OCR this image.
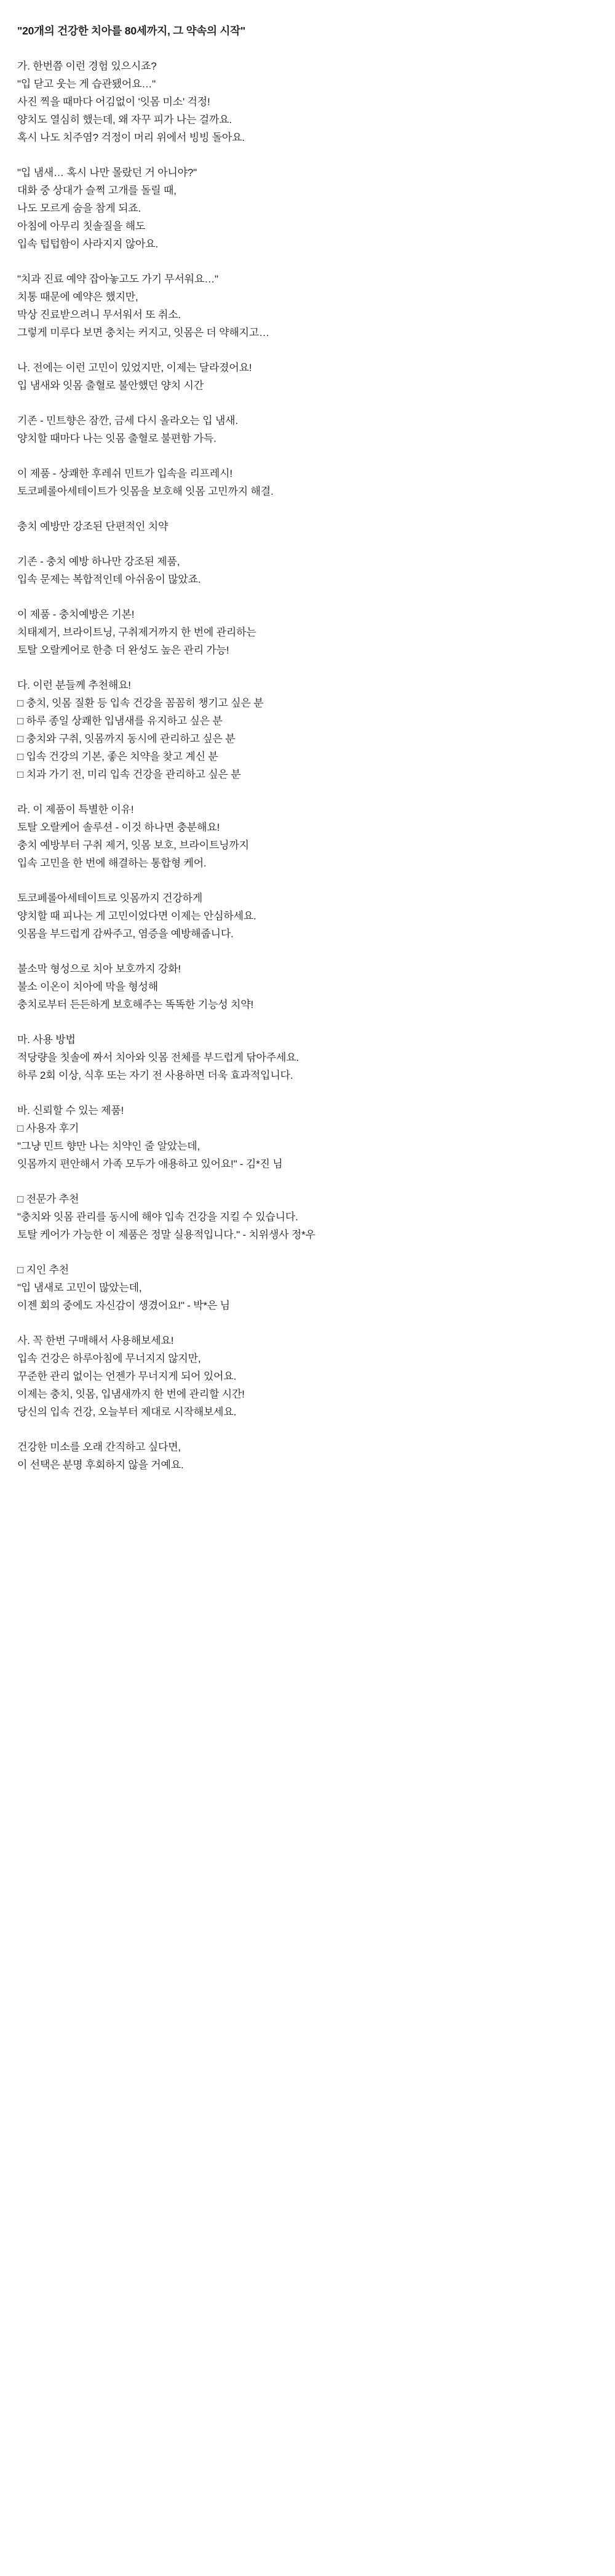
"20개의 건강한 치아를 80세까지, 그 약속의 시작"
가. 한번쯤 이런 경험 있으시죠?
"입 닫고 웃는 게 습관됐어요…"
사진 찍을 때마다 어김없이 '잇몸 미소' 걱정!
양치도 열심히 했는데, 왜 자꾸 피가 나는 걸까요.
혹시 나도 치주염? 걱정이 머리 위에서 빙빙 돌아요.
"입 냄새… 혹시 나만 몰랐던 거 아니야?"
대화 중 상대가 슬쩍 고개를 돌릴 때,
나도 모르게 숨을 참게 되죠.
아침에 아무리 칫솔질을 해도
입속 텁텁함이 사라지지 않아요.
"치과 진료 예약 잡아놓고도 가기 무서워요…"
치통 때문에 예약은 했지만,
막상 진료받으려니 무서워서 또 취소.
그렇게 미루다 보면 충치는 커지고, 잇몸은 더 약해지고…
나. 전에는 이런 고민이 있었지만, 이제는 달라졌어요!
입 냄새와 잇몸 출혈로 불안했던 양치 시간
기존 - 민트향은 잠깐, 금세 다시 올라오는 입 냄새.
양치할 때마다 나는 잇몸 출혈로 불편함 가득.
이 제품 - 상쾌한 후레쉬 민트가 입속을 리프레시!
토코페롤아세테이트가 잇몸을 보호해 잇몸 고민까지 해결.
충치 예방만 강조된 단편적인 치약
기존 - 충치 예방 하나만 강조된 제품,
입속 문제는 복합적인데 아쉬움이 많았죠.
이 제품 - 충치예방은 기본!
치태제거, 브라이트닝, 구취제거까지 한 번에 관리하는
토탈 오랄케어로 한층 더 완성도 높은 관리 가능!
다. 이런 분들께 추천해요!
□ 충치, 잇몸 질환 등 입속 건강을 꼼꼼히 챙기고 싶은 분
□ 하루 종일 상쾌한 입냄새를 유지하고 싶은 분
□ 충치와 구취, 잇몸까지 동시에 관리하고 싶은 분
□ 입속 건강의 기본, 좋은 치약을 찾고 계신 분
□ 치과 가기 전, 미리 입속 건강을 관리하고 싶은 분
라. 이 제품이 특별한 이유!
토탈 오랄케어 솔루션 - 이것 하나면 충분해요!
충치 예방부터 구취 제거, 잇몸 보호, 브라이트닝까지
입속 고민을 한 번에 해결하는 통합형 케어.
토코페롤아세테이트로 잇몸까지 건강하게
양치할 때 피나는 게 고민이었다면 이제는 안심하세요.
잇몸을 부드럽게 감싸주고, 염증을 예방해줍니다.
불소막 형성으로 치아 보호까지 강화!
불소 이온이 치아에 막을 형성해
충치로부터 든든하게 보호해주는 똑똑한 기능성 치약!
마. 사용 방법
적당량을 칫솔에 짜서 치아와 잇몸 전체를 부드럽게 닦아주세요.
하루 2회 이상, 식후 또는 자기 전 사용하면 더욱 효과적입니다.
바. 신뢰할 수 있는 제품!
□ 사용자 후기
"그냥 민트 향만 나는 치약인 줄 알았는데,
잇몸까지 편안해서 가족 모두가 애용하고 있어요!" - 김*진 님
□ 전문가 추천
"충치와 잇몸 관리를 동시에 해야 입속 건강을 지킬 수 있습니다.
토탈 케어가 가능한 이 제품은 정말 실용적입니다." - 치위생사 정*우
□ 지인 추천
"입 냄새로 고민이 많았는데,
이젠 회의 중에도 자신감이 생겼어요!" - 박*은 님
사. 꼭 한번 구매해서 사용해보세요!
입속 건강은 하루아침에 무너지지 않지만,
꾸준한 관리 없이는 언젠가 무너지게 되어 있어요.
이제는 충치, 잇몸, 입냄새까지 한 번에 관리할 시간!
당신의 입속 건강, 오늘부터 제대로 시작해보세요.
건강한 미소를 오래 간직하고 싶다면,
이 선택은 분명 후회하지 않을 거예요.
